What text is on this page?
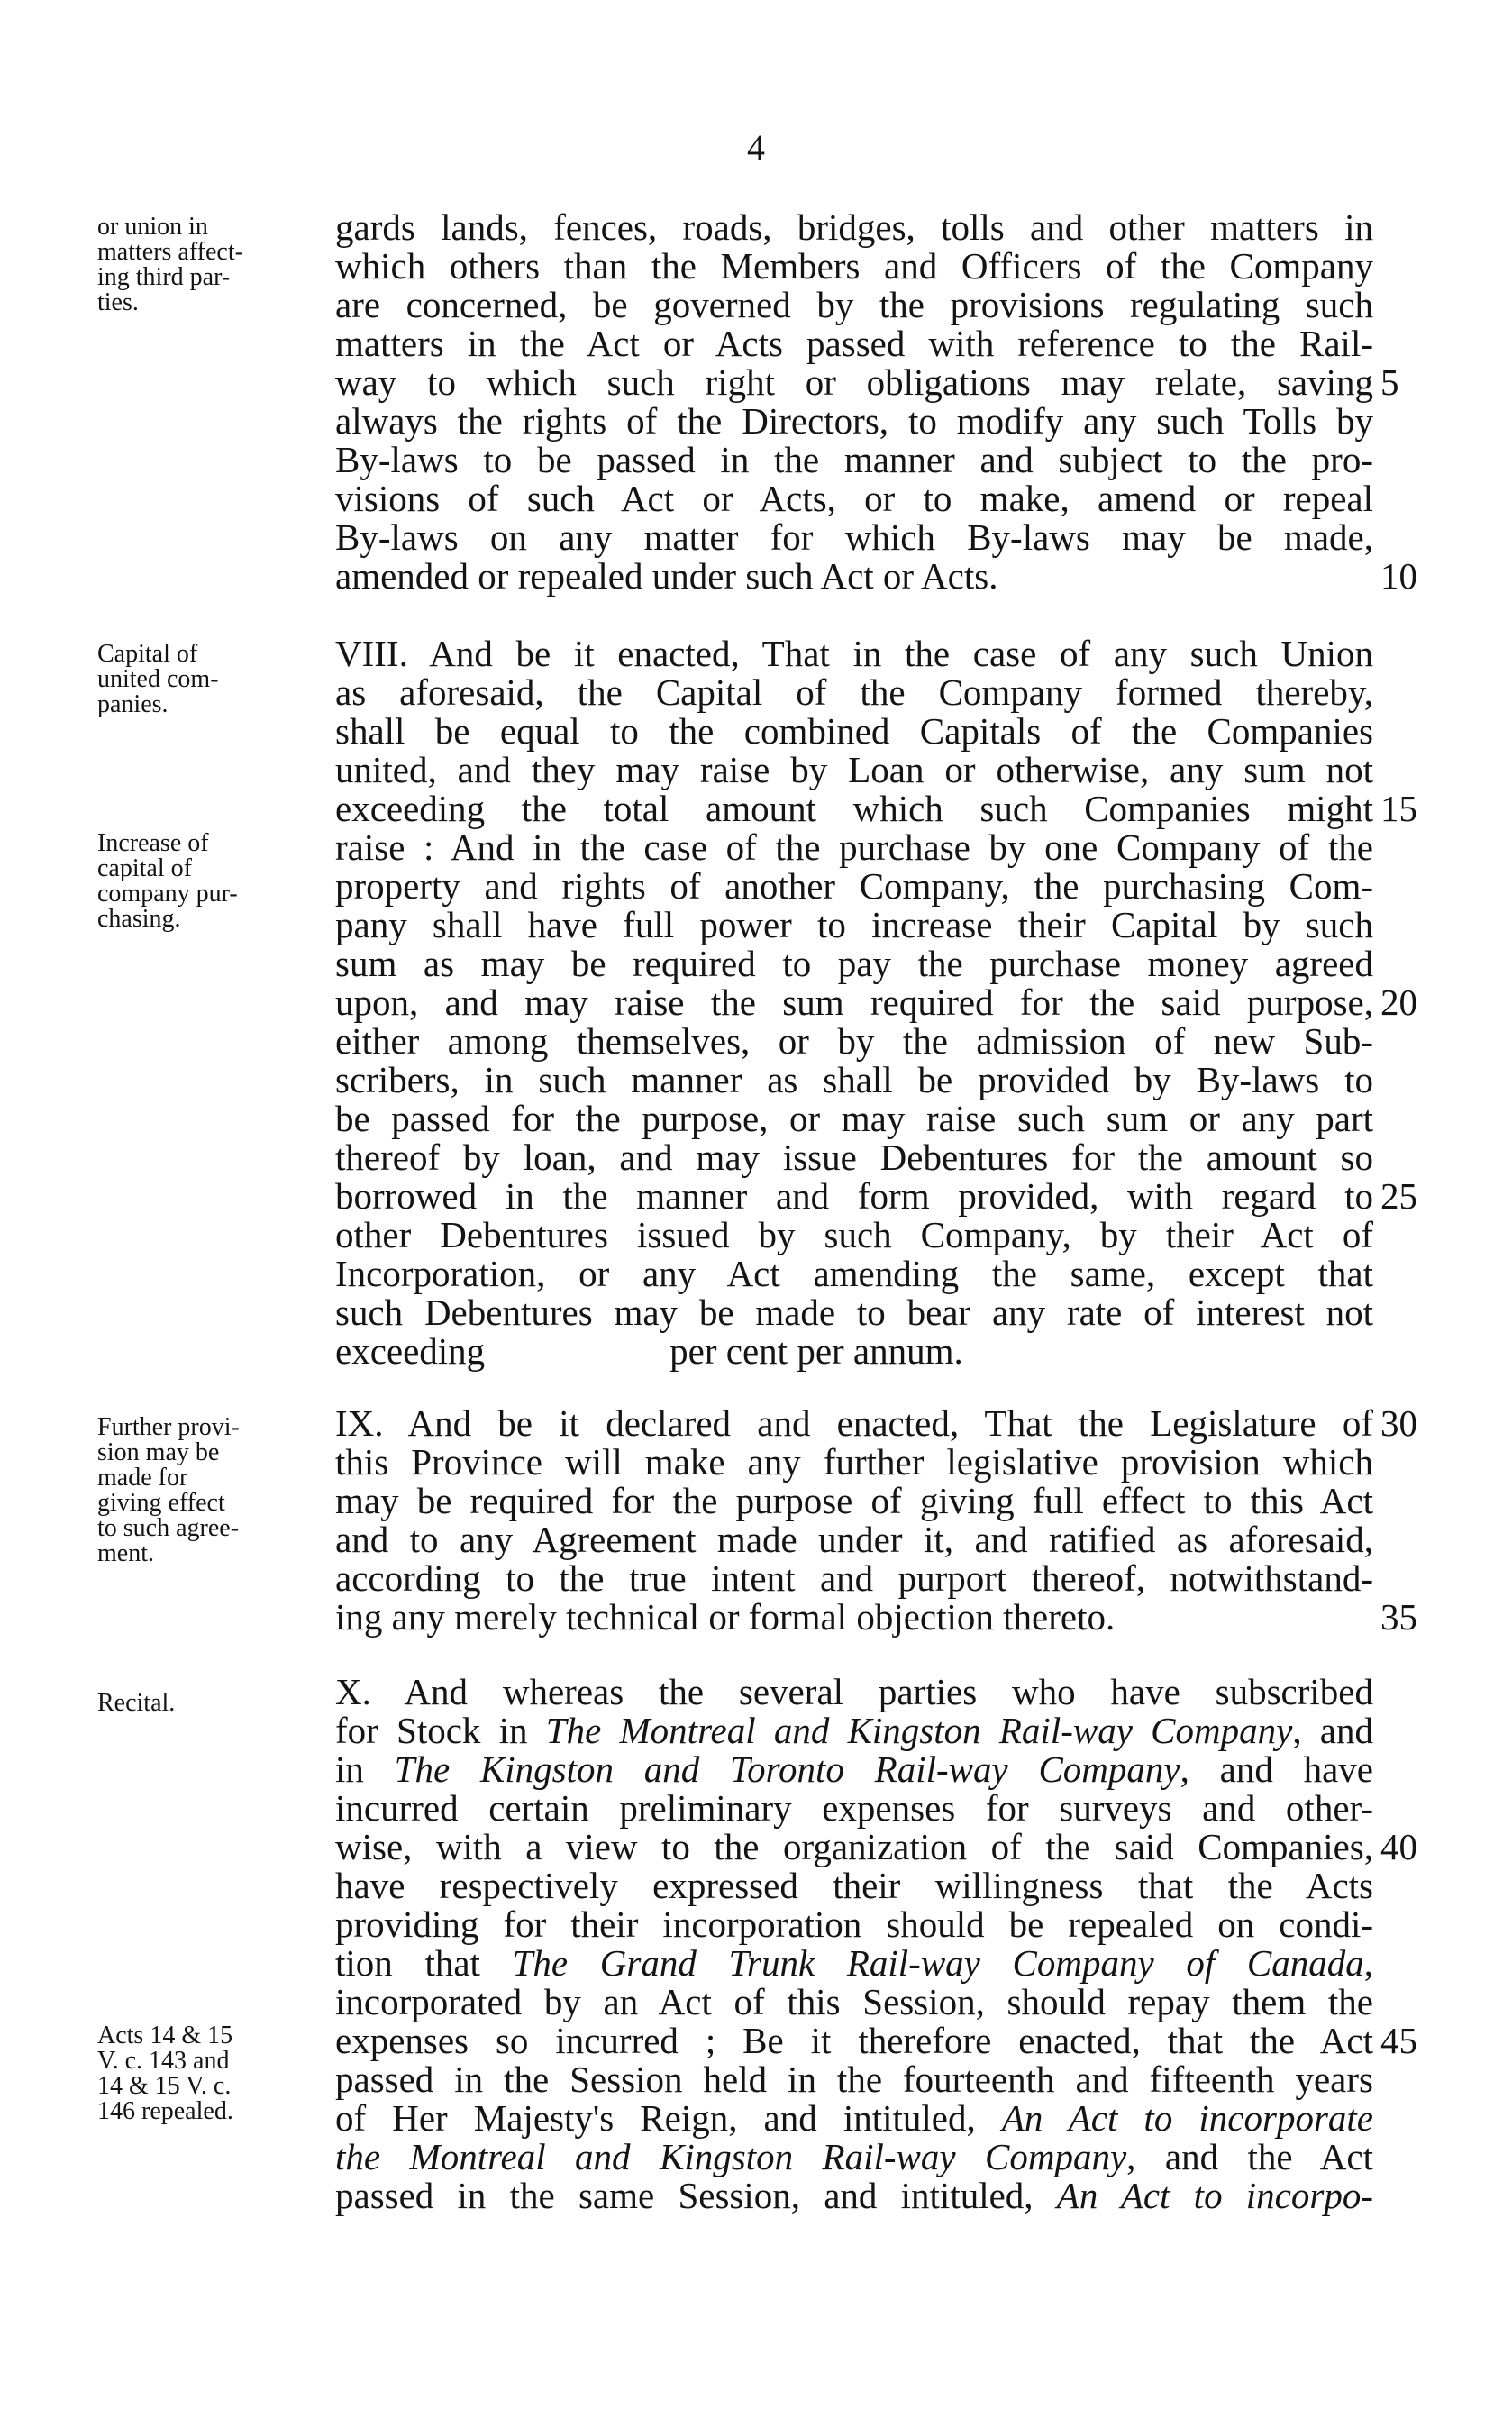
4
or union in
matters affect-
ing third par-
ties.
gards lands, fences, roads, bridges, tolls and other matters in
which others than the Members and Officers of the Company
are concerned, be governed by the provisions regulating such
matters in the Act or Acts passed with reference to the Rail-
way to which such right or obligations may relate, saving
always the rights of the Directors, to modify any such Tolls by
By-laws to be passed in the manner and subject to the pro-
visions of such Act or Acts, or to make, amend or repeal
By-laws on any matter for which By-laws may be made,
amended or repealed under such Act or Acts.
5
10
Capital of
united com-
panies.
Increase of
capital of
company pur-
chasing.
VIII. And be it enacted, That in the case of any such Union
as aforesaid, the Capital of the Company formed thereby,
shall be equal to the combined Capitals of the Companies
united, and they may raise by Loan or otherwise, any sum not
exceeding the total amount which such Companies might
raise : And in the case of the purchase by one Company of the
property and rights of another Company, the purchasing Com-
pany shall have full power to increase their Capital by such
sum as may be required to pay the purchase money agreed
upon, and may raise the sum required for the said purpose,
either among themselves, or by the admission of new Sub-
scribers, in such manner as shall be provided by By-laws to
be passed for the purpose, or may raise such sum or any part
thereof by loan, and may issue Debentures for the amount so
borrowed in the manner and form provided, with regard to
other Debentures issued by such Company, by their Act of
Incorporation, or any Act amending the same, except that
such Debentures may be made to bear any rate of interest not
exceeding                    per cent per annum.
15
20
25
Further provi-
sion may be
made for
giving effect
to such agree-
ment.
IX. And be it declared and enacted, That the Legislature of
this Province will make any further legislative provision which
may be required for the purpose of giving full effect to this Act
and to any Agreement made under it, and ratified as aforesaid,
according to the true intent and purport thereof, notwithstand-
ing any merely technical or formal objection thereto.
30
35
Recital.
Acts 14 & 15
V. c. 143 and
14 & 15 V. c.
146 repealed.
X. And whereas the several parties who have subscribed
for Stock in The Montreal and Kingston Rail-way Company, and
in The Kingston and Toronto Rail-way Company, and have
incurred certain preliminary expenses for surveys and other-
wise, with a view to the organization of the said Companies,
have respectively expressed their willingness that the Acts
providing for their incorporation should be repealed on condi-
tion that The Grand Trunk Rail-way Company of Canada,
incorporated by an Act of this Session, should repay them the
expenses so incurred ; Be it therefore enacted, that the Act
passed in the Session held in the fourteenth and fifteenth years
of Her Majesty's Reign, and intituled, An Act to incorporate
the Montreal and Kingston Rail-way Company, and the Act
passed in the same Session, and intituled, An Act to incorpo-
40
45
